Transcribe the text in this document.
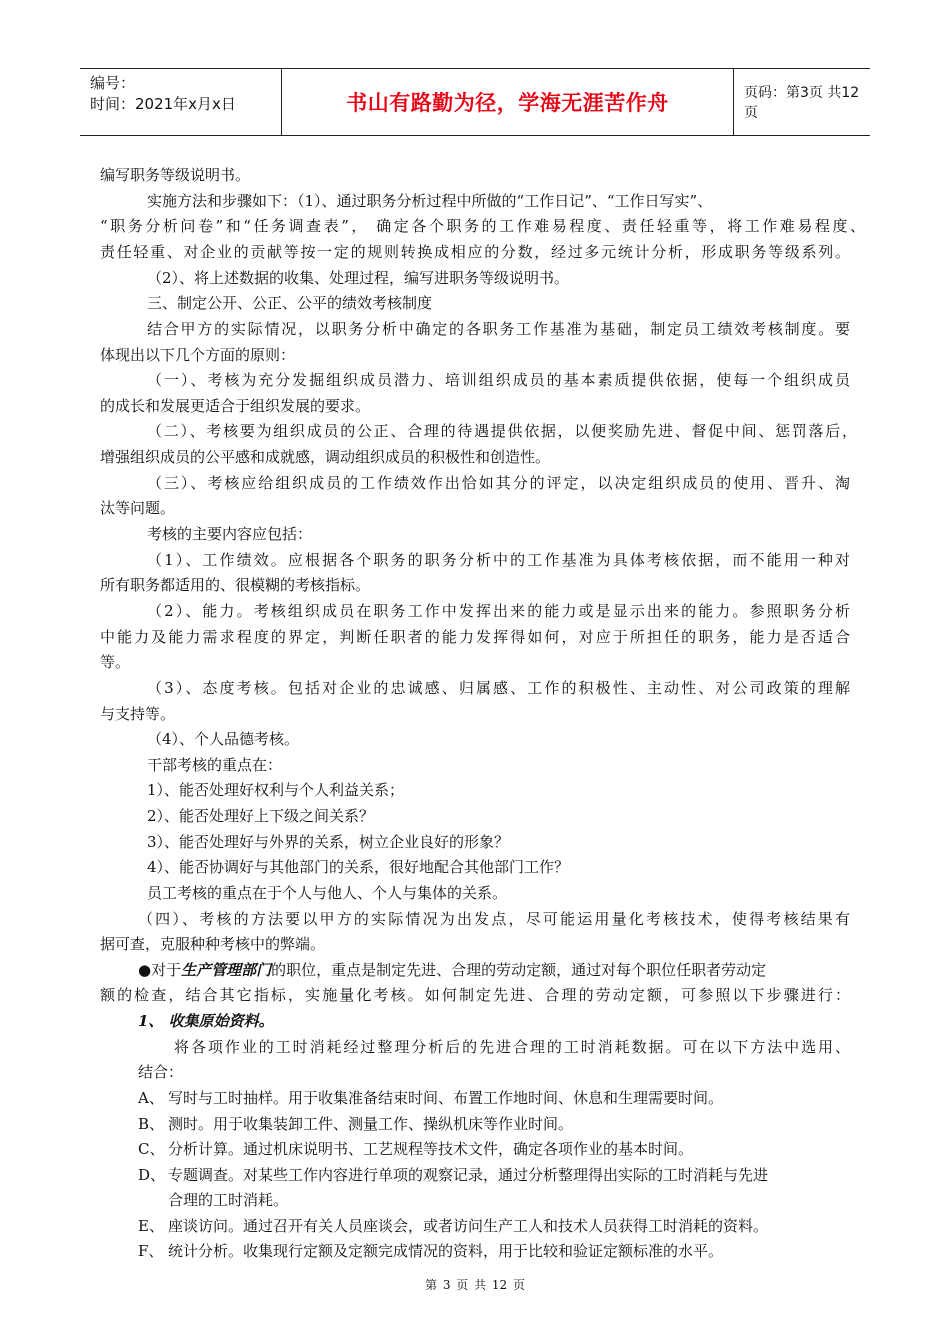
编号：
时间：2021年x月x日	书山有路勤为径，学海无涯苦作舟	页码：第3页 共12页
编写职务等级说明书。
实施方法和步骤如下：（1）、通过职务分析过程中所做的“工作日记”、“工作日写实”、
“职务分析问卷”和“任务调查表”， 确定各个职务的工作难易程度、责任轻重等，将工作难易程度、
责任轻重、对企业的贡献等按一定的规则转换成相应的分数，经过多元统计分析，形成职务等级系列。
（2）、将上述数据的收集、处理过程，编写进职务等级说明书。
三、制定公开、公正、公平的绩效考核制度
结合甲方的实际情况，以职务分析中确定的各职务工作基准为基础，制定员工绩效考核制度。要
体现出以下几个方面的原则：
（一）、考核为充分发掘组织成员潜力、培训组织成员的基本素质提供依据，使每一个组织成员
的成长和发展更适合于组织发展的要求。
（二）、考核要为组织成员的公正、合理的待遇提供依据，以便奖励先进、督促中间、惩罚落后，
增强组织成员的公平感和成就感，调动组织成员的积极性和创造性。
（三）、考核应给组织成员的工作绩效作出恰如其分的评定，以决定组织成员的使用、晋升、淘
汰等问题。
考核的主要内容应包括：
（1）、工作绩效。应根据各个职务的职务分析中的工作基准为具体考核依据，而不能用一种对
所有职务都适用的、很模糊的考核指标。
（2）、能力。考核组织成员在职务工作中发挥出来的能力或是显示出来的能力。参照职务分析
中能力及能力需求程度的界定，判断任职者的能力发挥得如何，对应于所担任的职务，能力是否适合
等。
（3）、态度考核。包括对企业的忠诚感、归属感、工作的积极性、主动性、对公司政策的理解
与支持等。
（4）、个人品德考核。
干部考核的重点在：
1）、能否处理好权利与个人利益关系；
2）、能否处理好上下级之间关系？
3）、能否处理好与外界的关系，树立企业良好的形象？
4）、能否协调好与其他部门的关系，很好地配合其他部门工作？
员工考核的重点在于个人与他人、个人与集体的关系。
（四）、考核的方法要以甲方的实际情况为出发点，尽可能运用量化考核技术，使得考核结果有
据可查，克服种种考核中的弊端。
●对于生产管理部门的职位，重点是制定先进、合理的劳动定额，通过对每个职位任职者劳动定
额的检查，结合其它指标，实施量化考核。如何制定先进、合理的劳动定额，可参照以下步骤进行：
1、 收集原始资料。
将各项作业的工时消耗经过整理分析后的先进合理的工时消耗数据。可在以下方法中选用、
结合：
A、 写时与工时抽样。用于收集准备结束时间、布置工作地时间、休息和生理需要时间。
B、 测时。用于收集装卸工件、测量工作、操纵机床等作业时间。
C、 分析计算。通过机床说明书、工艺规程等技术文件，确定各项作业的基本时间。
D、 专题调查。对某些工作内容进行单项的观察记录，通过分析整理得出实际的工时消耗与先进
合理的工时消耗。
E、 座谈访问。通过召开有关人员座谈会，或者访问生产工人和技术人员获得工时消耗的资料。
F、 统计分析。收集现行定额及定额完成情况的资料，用于比较和验证定额标准的水平。
第 3 页 共 12 页
